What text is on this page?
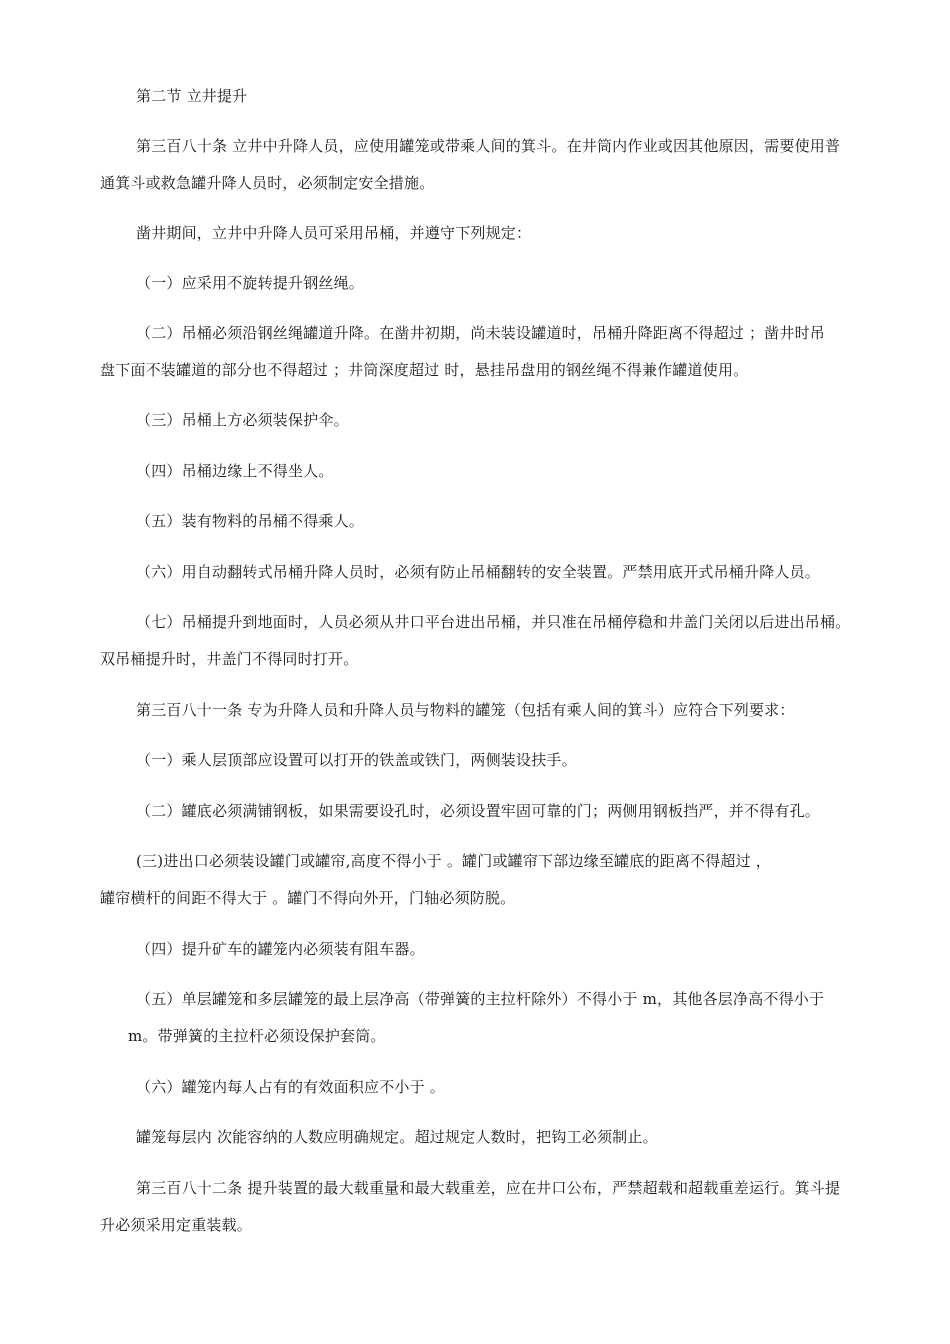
第二节 立井提升

第三百八十条 立井中升降人员，应使用罐笼或带乘人间的箕斗。在井筒内作业或因其他原因，需要使用普
通箕斗或救急罐升降人员时，必须制定安全措施。

凿井期间，立井中升降人员可采用吊桶，并遵守下列规定：

（一）应采用不旋转提升钢丝绳。

（二）吊桶必须沿钢丝绳罐道升降。在凿井初期，尚未装设罐道时，吊桶升降距离不得超过 ；凿井时吊
盘下面不装罐道的部分也不得超过 ；井筒深度超过 时，悬挂吊盘用的钢丝绳不得兼作罐道使用。

（三）吊桶上方必须装保护伞。

（四）吊桶边缘上不得坐人。

（五）装有物料的吊桶不得乘人。

（六）用自动翻转式吊桶升降人员时，必须有防止吊桶翻转的安全装置。严禁用底开式吊桶升降人员。

（七）吊桶提升到地面时，人员必须从井口平台进出吊桶，并只准在吊桶停稳和井盖门关闭以后进出吊桶。
双吊桶提升时，井盖门不得同时打开。

第三百八十一条 专为升降人员和升降人员与物料的罐笼（包括有乘人间的箕斗）应符合下列要求：

（一）乘人层顶部应设置可以打开的铁盖或铁门，两侧装设扶手。

（二）罐底必须满铺钢板，如果需要设孔时，必须设置牢固可靠的门；两侧用钢板挡严，并不得有孔。

(三)进出口必须装设罐门或罐帘,高度不得小于 。罐门或罐帘下部边缘至罐底的距离不得超过 ，
罐帘横杆的间距不得大于 。罐门不得向外开，门轴必须防脱。

（四）提升矿车的罐笼内必须装有阻车器。

（五）单层罐笼和多层罐笼的最上层净高（带弹簧的主拉杆除外）不得小于 m，其他各层净高不得小于
m。带弹簧的主拉杆必须设保护套筒。

（六）罐笼内每人占有的有效面积应不小于 。

罐笼每层内 次能容纳的人数应明确规定。超过规定人数时，把钩工必须制止。

第三百八十二条 提升装置的最大载重量和最大载重差，应在井口公布，严禁超载和超载重差运行。箕斗提
升必须采用定重装载。
